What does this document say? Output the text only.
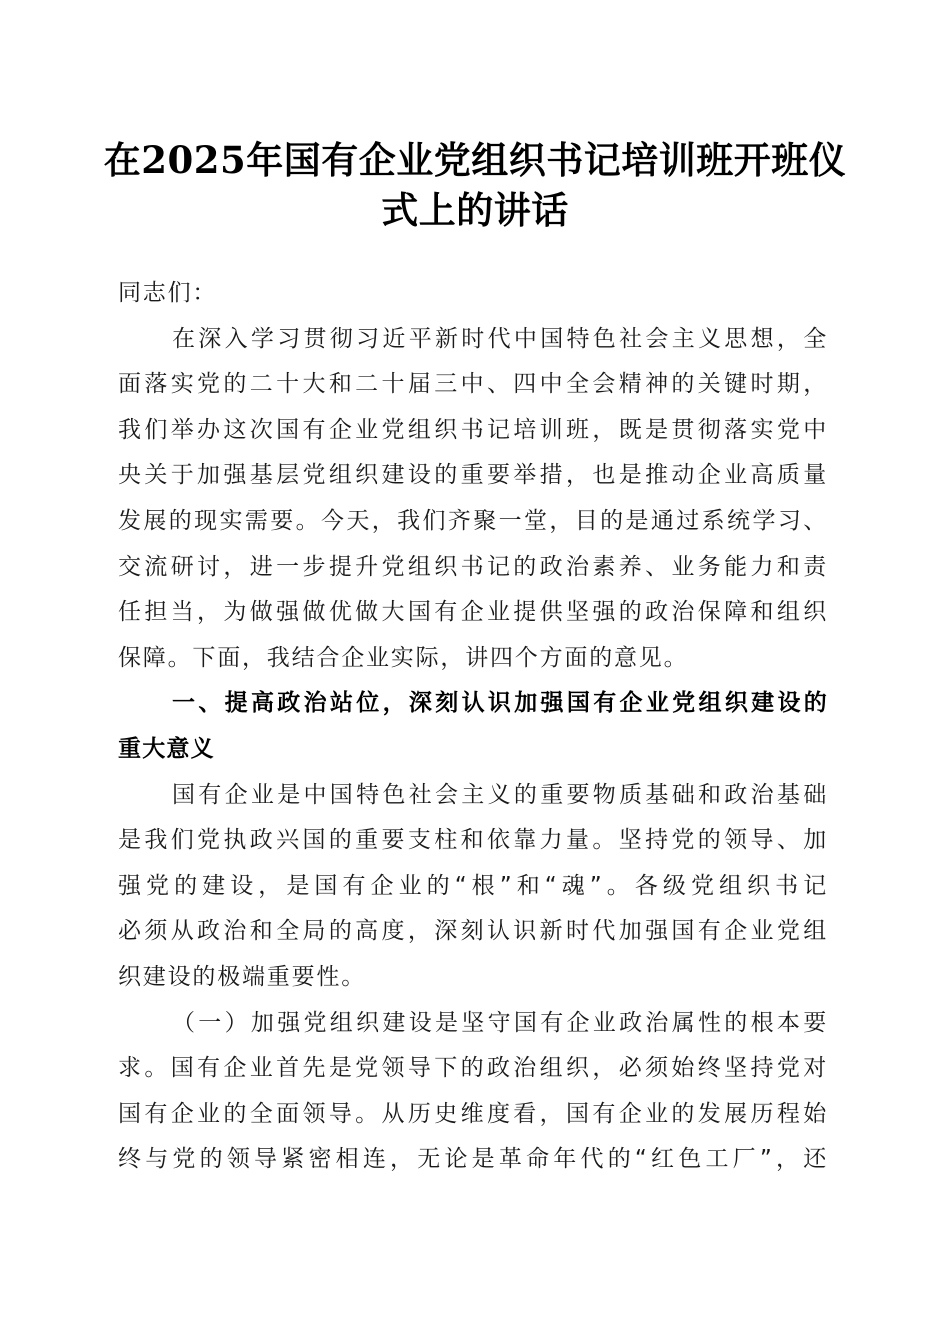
在2025年国有企业党组织书记培训班开班仪
式上的讲话
同志们：
在深入学习贯彻习近平新时代中国特色社会主义思想，全
面落实党的二十大和二十届三中、四中全会精神的关键时期，
我们举办这次国有企业党组织书记培训班，既是贯彻落实党中
央关于加强基层党组织建设的重要举措，也是推动企业高质量
发展的现实需要。今天，我们齐聚一堂，目的是通过系统学习、
交流研讨，进一步提升党组织书记的政治素养、业务能力和责
任担当，为做强做优做大国有企业提供坚强的政治保障和组织
保障。下面，我结合企业实际，讲四个方面的意见。
一、提高政治站位，深刻认识加强国有企业党组织建设的
重大意义
国有企业是中国特色社会主义的重要物质基础和政治基础
是我们党执政兴国的重要支柱和依靠力量。坚持党的领导、加
强党的建设，是国有企业的“根”和“魂”。各级党组织书记
必须从政治和全局的高度，深刻认识新时代加强国有企业党组
织建设的极端重要性。
（一）加强党组织建设是坚守国有企业政治属性的根本要
求。国有企业首先是党领导下的政治组织，必须始终坚持党对
国有企业的全面领导。从历史维度看，国有企业的发展历程始
终与党的领导紧密相连，无论是革命年代的“红色工厂”，还
